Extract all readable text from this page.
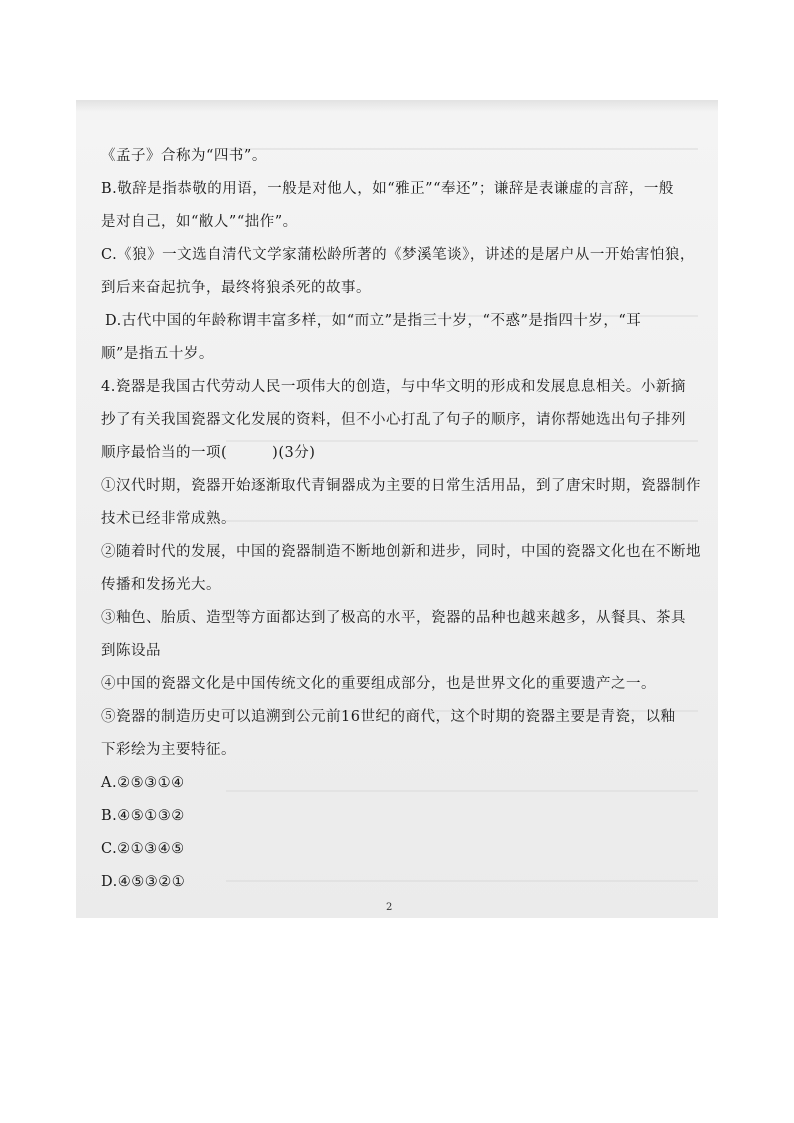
《孟子》合称为“四书”。
B.敬辞是指恭敬的用语，一般是对他人，如“雅正”“奉还”；谦辞是表谦虚的言辞，一般
是对自己，如“敝人”“拙作”。
C.《狼》一文选自清代文学家蒲松龄所著的《梦溪笔谈》，讲述的是屠户从一开始害怕狼，
到后来奋起抗争，最终将狼杀死的故事。
D.古代中国的年龄称谓丰富多样，如“而立”是指三十岁，“不惑”是指四十岁，“耳
顺”是指五十岁。
4.瓷器是我国古代劳动人民一项伟大的创造，与中华文明的形成和发展息息相关。小新摘
抄了有关我国瓷器文化发展的资料，但不小心打乱了句子的顺序，请你帮她选出句子排列
顺序最恰当的一项(　　　)(3分)
①汉代时期，瓷器开始逐渐取代青铜器成为主要的日常生活用品，到了唐宋时期，瓷器制作
技术已经非常成熟。
②随着时代的发展，中国的瓷器制造不断地创新和进步，同时，中国的瓷器文化也在不断地
传播和发扬光大。
③釉色、胎质、造型等方面都达到了极高的水平，瓷器的品种也越来越多，从餐具、茶具
到陈设品
④中国的瓷器文化是中国传统文化的重要组成部分，也是世界文化的重要遗产之一。
⑤瓷器的制造历史可以追溯到公元前16世纪的商代，这个时期的瓷器主要是青瓷，以釉
下彩绘为主要特征。
A.②⑤③①④
B.④⑤①③②
C.②①③④⑤
D.④⑤③②①
2
